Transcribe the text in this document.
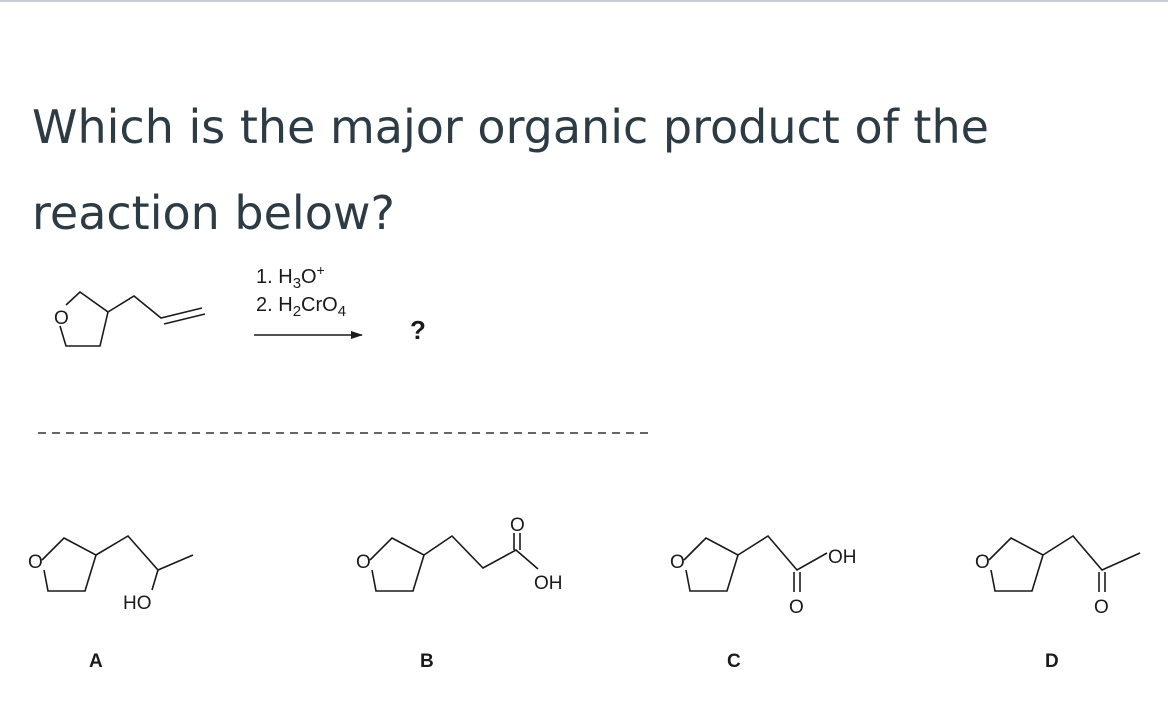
Which is the major organic product of the reaction below?
O
1. $H_3O^+$
2. $H_2CrO_4$
?
O
HO
A
O
O
OH
B
O
O
OH
C
O
O
D
